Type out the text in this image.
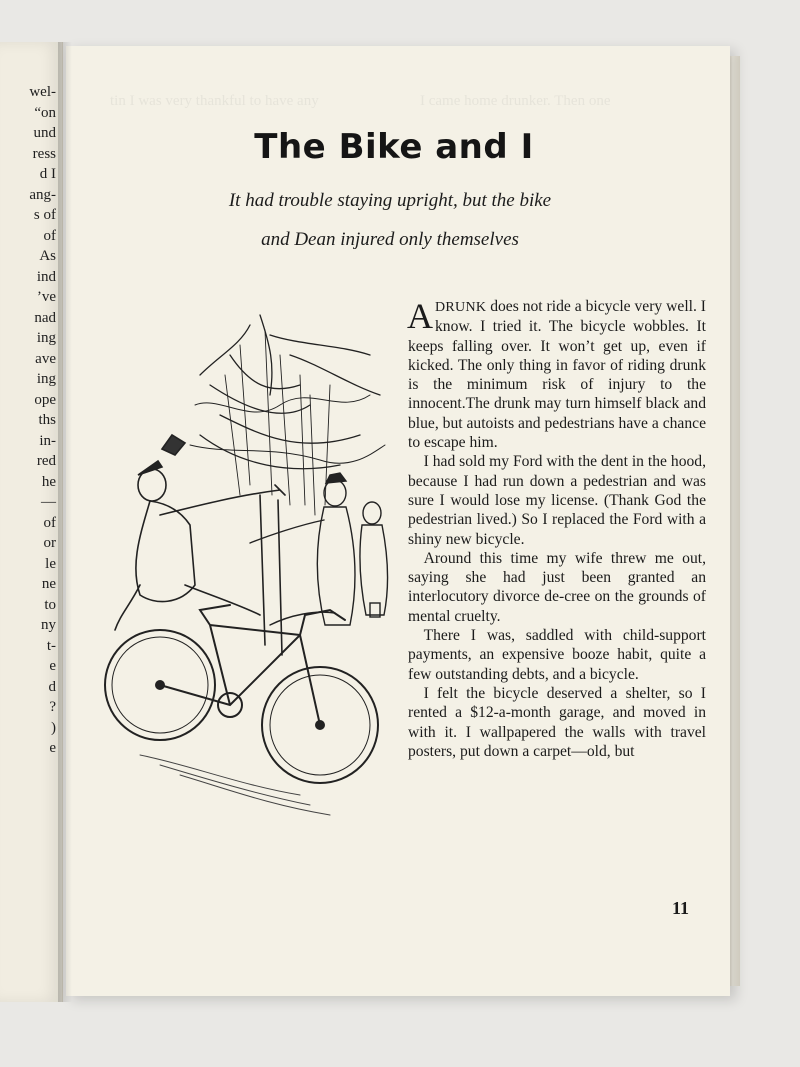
wel-
“on
und
ress
d I
ang-
s of
of
As
ind
’ve
nad
ing
ave
ing
ope
ths
in-
red
he
—
of
or
le
ne
to
ny
t-
e
d
?
)
e
tin I was very thankful to have any	I came home drunker. Then one
The Bike and I
It had trouble staying upright, but the bike
and Dean injured only themselves

ADRUNK does not ride a bicycle very well. I know. I tried it. The bicycle wobbles. It keeps falling over. It won’t get up, even if kicked. The only thing in favor of riding drunk is the minimum risk of injury to the innocent.The drunk may turn himself black and blue, but autoists and pedestrians have a chance to escape him.

I had sold my Ford with the dent in the hood, because I had run down a pedestrian and was sure I would lose my license. (Thank God the pedestrian lived.) So I replaced the Ford with a shiny new bicycle.

Around this time my wife threw me out, saying she had just been granted an interlocutory divorce de-cree on the grounds of mental cruelty.

There I was, saddled with child-support payments, an expensive booze habit, quite a few outstanding debts, and a bicycle.

I felt the bicycle deserved a shelter, so I rented a $12-a-month garage, and moved in with it. I wallpapered the walls with travel posters, put down a carpet—old, but

11
